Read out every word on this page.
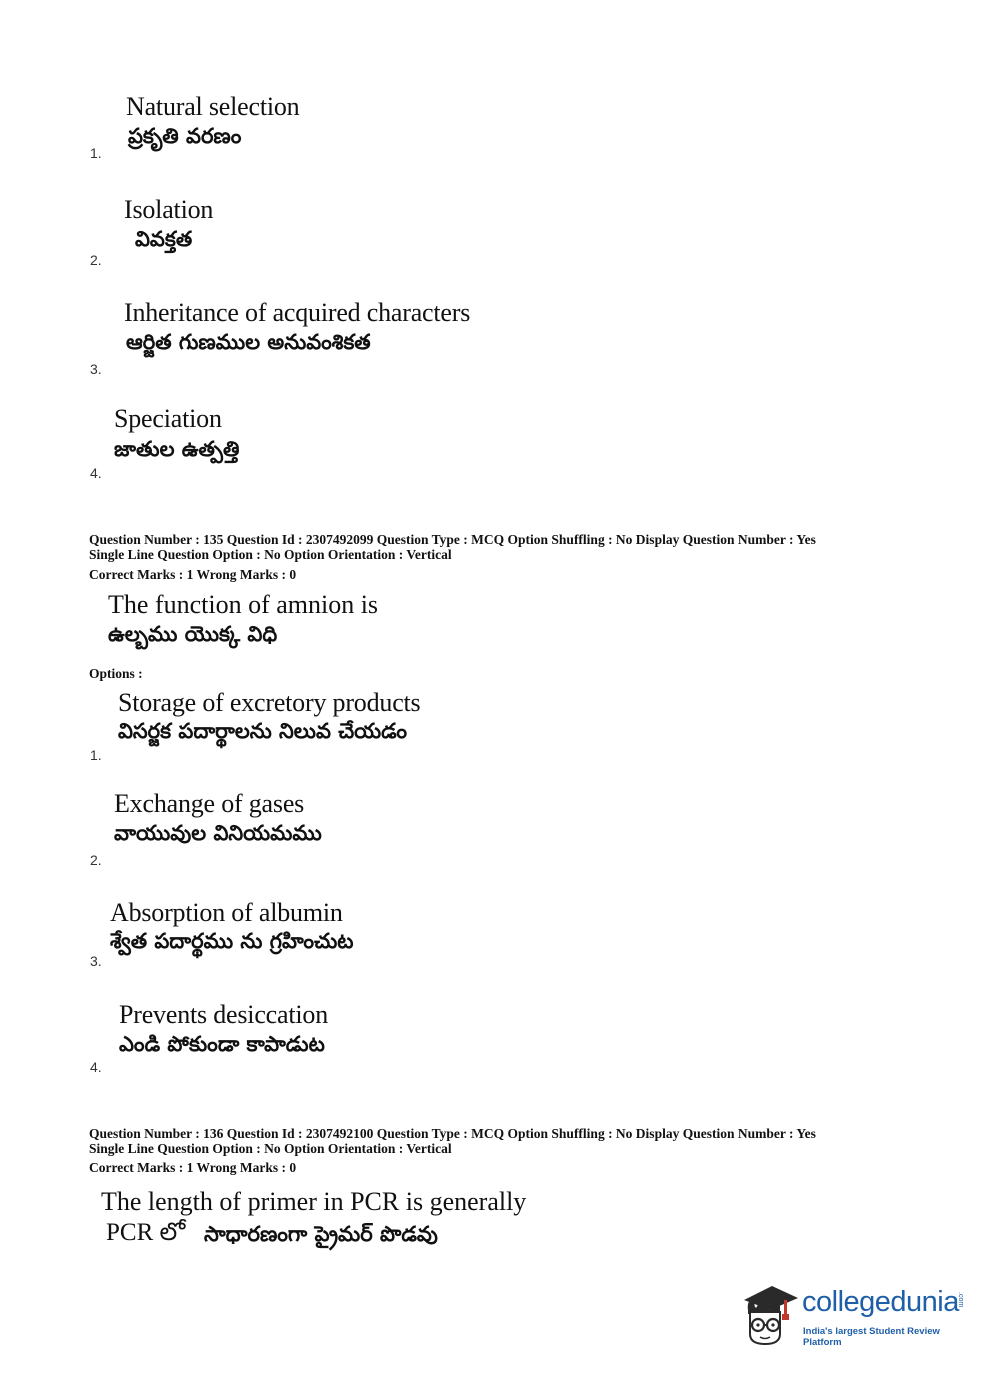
Natural selection
ప్రకృతి వరణం
1.
Isolation
వివక్తత
2.
Inheritance of acquired characters
ఆర్జిత గుణముల అనువంశికత
3.
Speciation
జాతుల ఉత్పత్తి
4.
Question Number : 135 Question Id : 2307492099 Question Type : MCQ Option Shuffling : No Display Question Number : Yes
Single Line Question Option : No Option Orientation : Vertical
Correct Marks : 1 Wrong Marks : 0
The function of amnion is
ఉల్బము యొక్క విధి
Options :
Storage of excretory products
విసర్జక పదార్థాలను నిలువ చేయడం
1.
Exchange of gases
వాయువుల వినియమము
2.
Absorption of albumin
శ్వేత పదార్థము ను గ్రహించుట
3.
Prevents desiccation
ఎండి పోకుండా కాపాడుట
4.
Question Number : 136 Question Id : 2307492100 Question Type : MCQ Option Shuffling : No Display Question Number : Yes
Single Line Question Option : No Option Orientation : Vertical
Correct Marks : 1 Wrong Marks : 0
The length of primer in PCR is generally
PCR లో సాధారణంగా ప్రైమర్ పొడవు
collegedunia
.com
India's largest Student Review Platform
